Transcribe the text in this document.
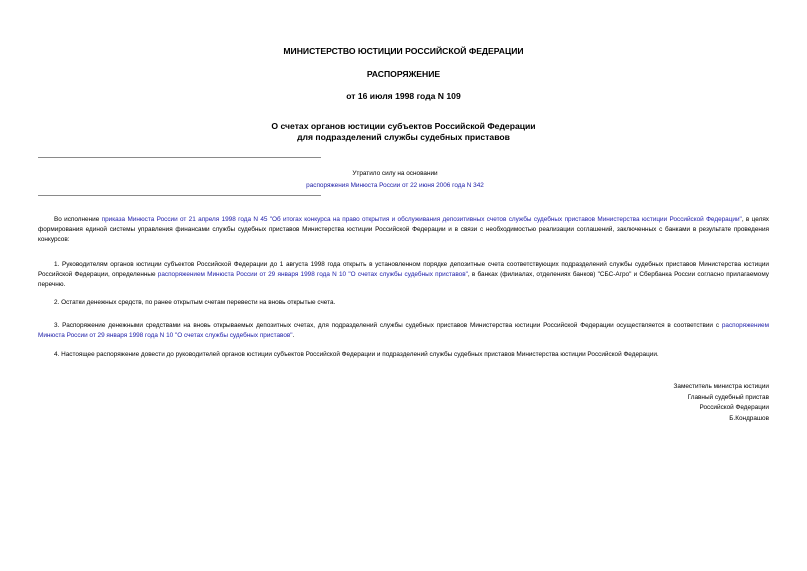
МИНИСТЕРСТВО ЮСТИЦИИ РОССИЙСКОЙ ФЕДЕРАЦИИ
РАСПОРЯЖЕНИЕ
от 16 июля 1998 года N 109
О счетах органов юстиции субъектов Российской Федерации
для подразделений службы судебных приставов
Утратило силу на основании
распоряжения Минюста России от 22 июня 2006 года N 342
Во исполнение приказа Минюста России от 21 апреля 1998 года N 45 "Об итогах конкурса на право открытия и обслуживания депозитивных счетов службы судебных приставов Министерства юстиции Российской Федерации", в целях формирования единой системы управления финансами службы судебных приставов Министерства юстиции Российской Федерации и в связи с необходимостью реализации соглашений, заключенных с банками в результате проведения конкурсов:
1. Руководителям органов юстиции субъектов Российской Федерации до 1 августа 1998 года открыть в установленном порядке депозитные счета соответствующих подразделений службы судебных приставов Министерства юстиции Российской Федерации, определенные распоряжением Минюста России от 29 января 1998 года N 10 "О счетах службы судебных приставов", в банках (филиалах, отделениях банков) "СБС-Агро" и Сбербанка России согласно прилагаемому перечню.
2. Остатки денежных средств, по ранее открытым счетам перевести на вновь открытые счета.
3. Распоряжение денежными средствами на вновь открываемых депозитных счетах, для подразделений службы судебных приставов Министерства юстиции Российской Федерации осуществляется в соответствии с распоряжением Минюста России от 29 января 1998 года N 10 "О счетах службы судебных приставов".
4. Настоящее распоряжение довести до руководителей органов юстиции субъектов Российской Федерации и подразделений службы судебных приставов Министерства юстиции Российской Федерации.
Заместитель министра юстиции
Главный судебный пристав
Российской Федерации
Б.Кондрашов
